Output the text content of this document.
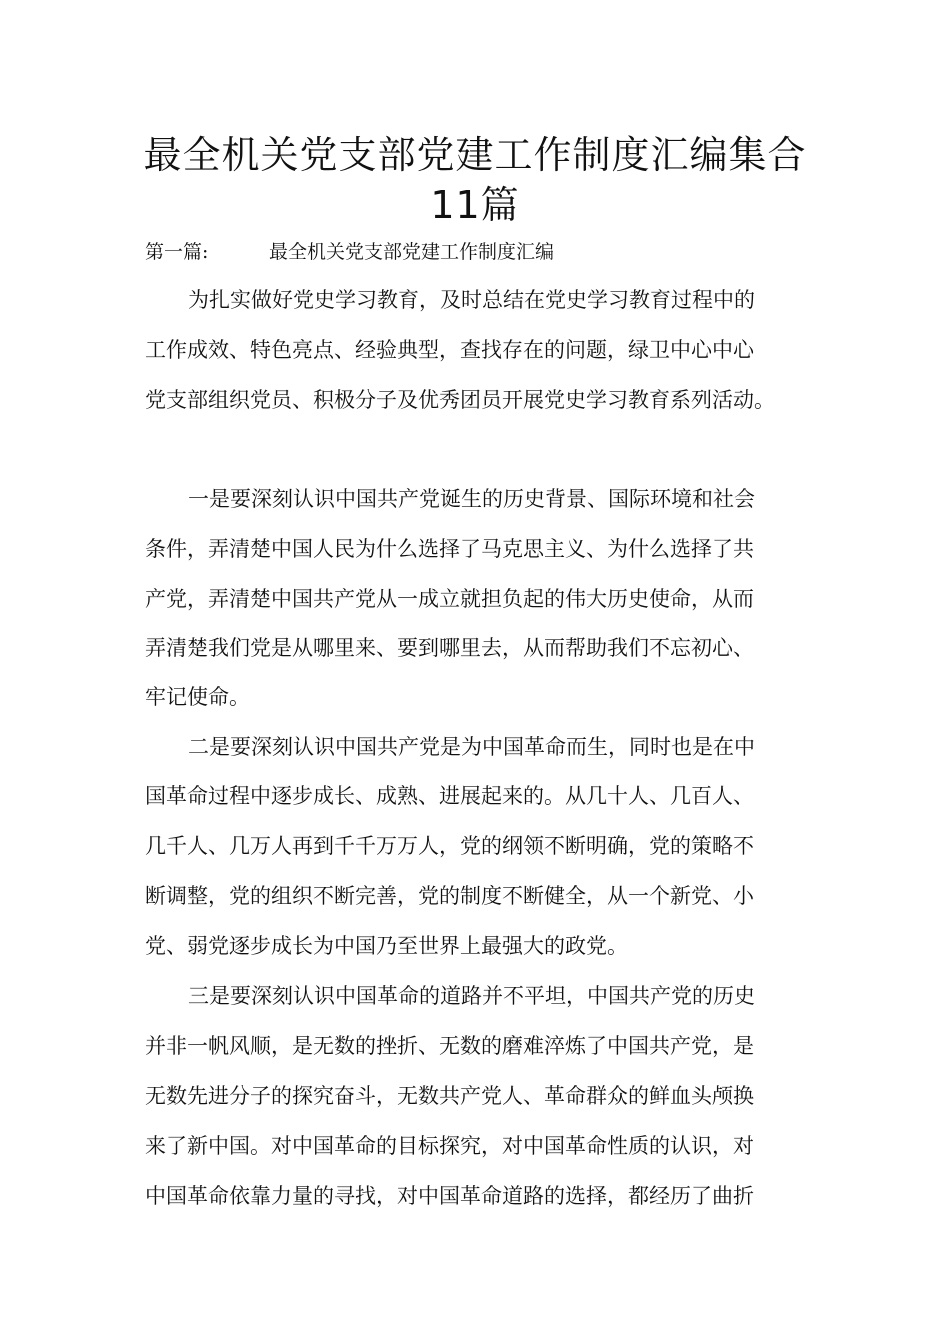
最全机关党支部党建工作制度汇编集合
11篇
第一篇:	最全机关党支部党建工作制度汇编
为扎实做好党史学习教育，及时总结在党史学习教育过程中的
工作成效、特色亮点、经验典型，查找存在的问题，绿卫中心中心
党支部组织党员、积极分子及优秀团员开展党史学习教育系列活动。
一是要深刻认识中国共产党诞生的历史背景、国际环境和社会
条件，弄清楚中国人民为什么选择了马克思主义、为什么选择了共
产党，弄清楚中国共产党从一成立就担负起的伟大历史使命，从而
弄清楚我们党是从哪里来、要到哪里去，从而帮助我们不忘初心、
牢记使命。
二是要深刻认识中国共产党是为中国革命而生，同时也是在中
国革命过程中逐步成长、成熟、进展起来的。从几十人、几百人、
几千人、几万人再到千千万万人，党的纲领不断明确，党的策略不
断调整，党的组织不断完善，党的制度不断健全，从一个新党、小
党、弱党逐步成长为中国乃至世界上最强大的政党。
三是要深刻认识中国革命的道路并不平坦，中国共产党的历史
并非一帆风顺，是无数的挫折、无数的磨难淬炼了中国共产党，是
无数先进分子的探究奋斗，无数共产党人、革命群众的鲜血头颅换
来了新中国。对中国革命的目标探究，对中国革命性质的认识，对
中国革命依靠力量的寻找，对中国革命道路的选择，都经历了曲折
